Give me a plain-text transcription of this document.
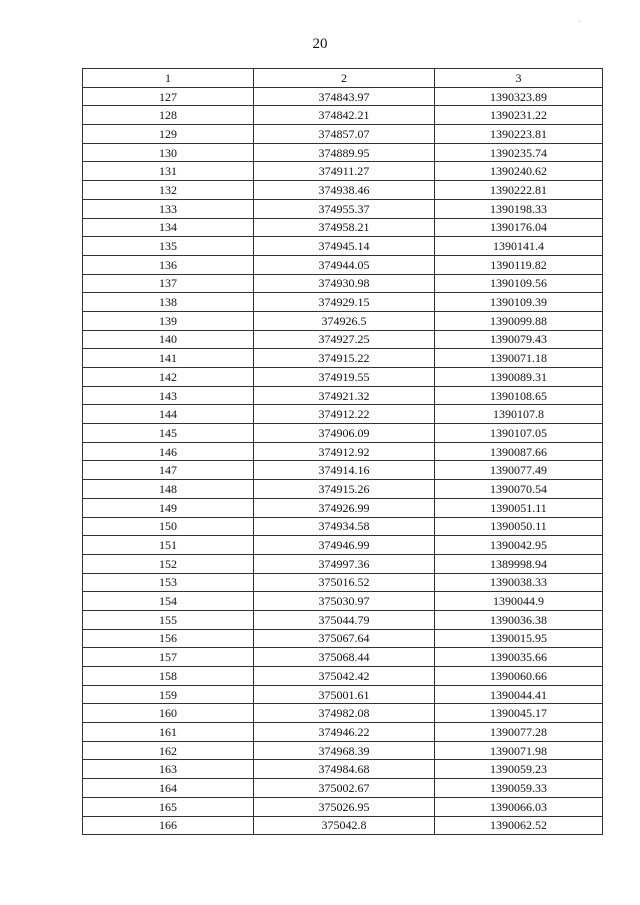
·
20
1	2	3
127	374843.97	1390323.89
128	374842.21	1390231.22
129	374857.07	1390223.81
130	374889.95	1390235.74
131	374911.27	1390240.62
132	374938.46	1390222.81
133	374955.37	1390198.33
134	374958.21	1390176.04
135	374945.14	1390141.4
136	374944.05	1390119.82
137	374930.98	1390109.56
138	374929.15	1390109.39
139	374926.5	1390099.88
140	374927.25	1390079.43
141	374915.22	1390071.18
142	374919.55	1390089.31
143	374921.32	1390108.65
144	374912.22	1390107.8
145	374906.09	1390107.05
146	374912.92	1390087.66
147	374914.16	1390077.49
148	374915.26	1390070.54
149	374926.99	1390051.11
150	374934.58	1390050.11
151	374946.99	1390042.95
152	374997.36	1389998.94
153	375016.52	1390038.33
154	375030.97	1390044.9
155	375044.79	1390036.38
156	375067.64	1390015.95
157	375068.44	1390035.66
158	375042.42	1390060.66
159	375001.61	1390044.41
160	374982.08	1390045.17
161	374946.22	1390077.28
162	374968.39	1390071.98
163	374984.68	1390059.23
164	375002.67	1390059.33
165	375026.95	1390066.03
166	375042.8	1390062.52
